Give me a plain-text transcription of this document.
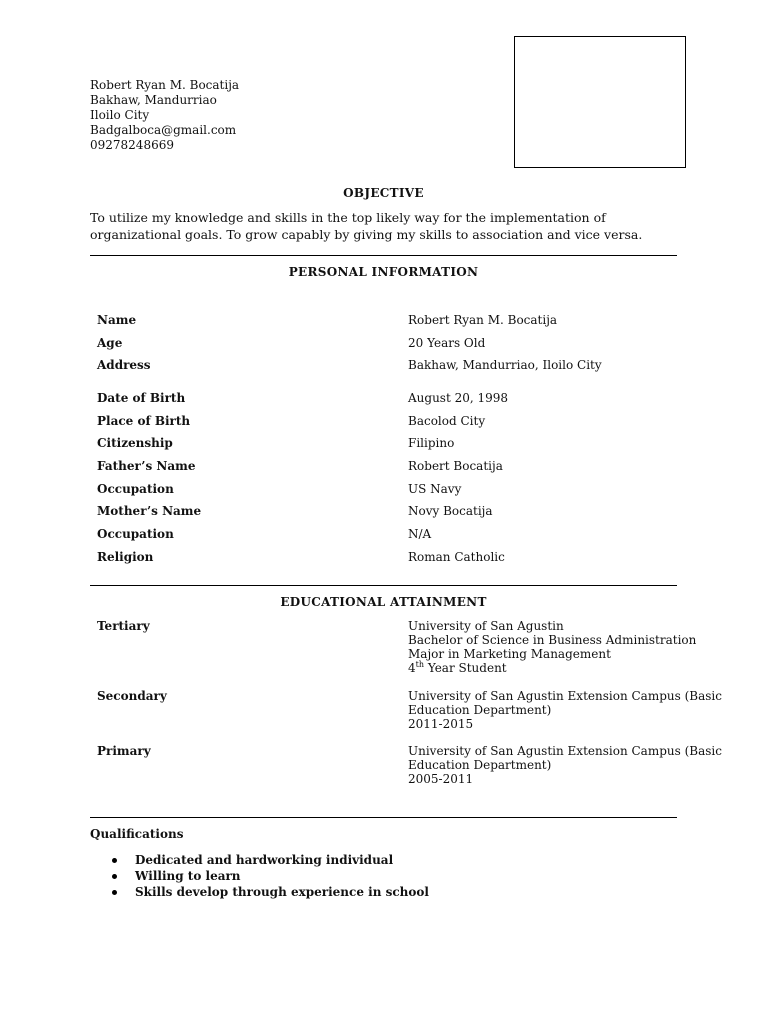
Robert Ryan M. Bocatija
Bakhaw, Mandurriao
Iloilo City
Badgalboca@gmail.com
09278248669
OBJECTIVE
To utilize my knowledge and skills in the top likely way for the implementation of organizational goals. To grow capably by giving my skills to association and vice versa.
PERSONAL INFORMATION
Name	Robert Ryan M. Bocatija
Age	20 Years Old
Address	Bakhaw, Mandurriao, Iloilo City
Date of Birth	August 20, 1998
Place of Birth	Bacolod City
Citizenship	Filipino
Father’s Name	Robert Bocatija
Occupation	US Navy
Mother’s Name	Novy Bocatija
Occupation	N/A
Religion	Roman Catholic
EDUCATIONAL ATTAINMENT
Tertiary	University of San Agustin
Bachelor of Science in Business Administration
Major in Marketing Management
4th Year Student
Secondary	University of San Agustin Extension Campus (Basic
Education Department)
2011-2015
Primary	University of San Agustin Extension Campus (Basic
Education Department)
2005-2011
Qualifications
Dedicated and hardworking individual
Willing to learn
Skills develop through experience in school
